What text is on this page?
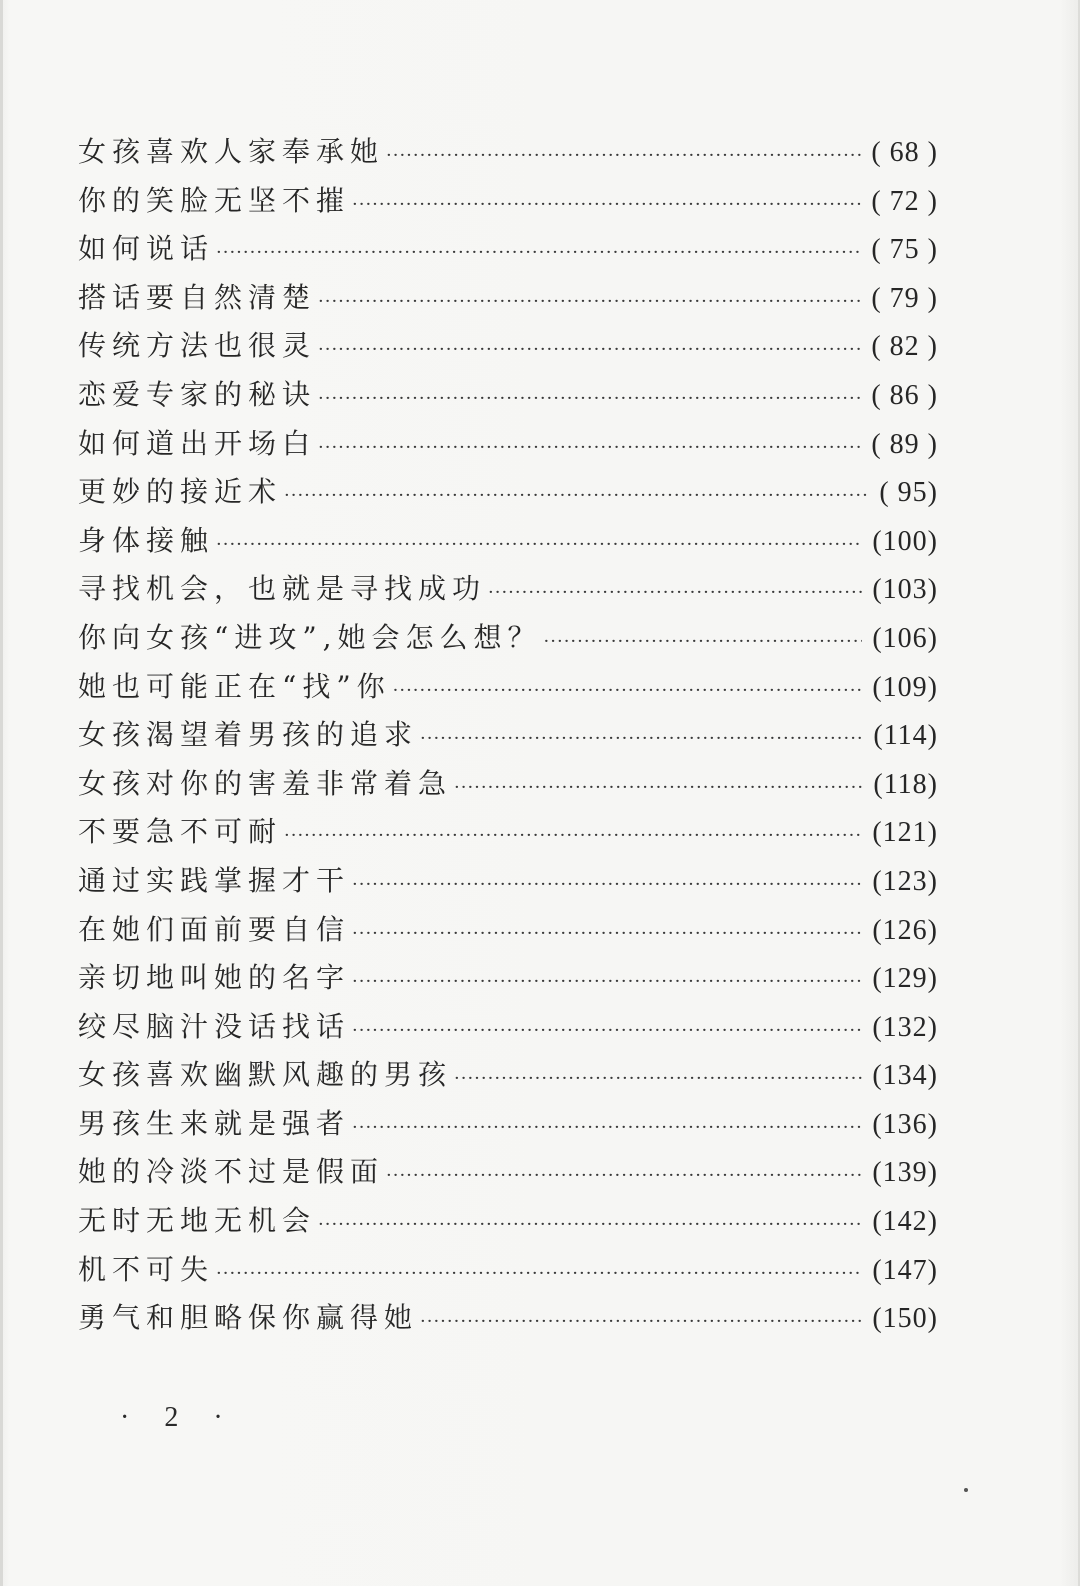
女孩喜欢人家奉承她 ·····	( 68 )
你的笑脸无坚不摧 ·····	( 72 )
如何说话 ·····	( 75 )
搭话要自然清楚 ·····	( 79 )
传统方法也很灵 ·····	( 82 )
恋爱专家的秘诀 ·····	( 86 )
如何道出开场白 ·····	( 89 )
更妙的接近术 ·····	( 95)
身体接触 ·····	(100)
寻找机会，也就是寻找成功 ·····	(103)
你向女孩“进攻”,她会怎么想？ ·····	(106)
她也可能正在“找”你 ·····	(109)
女孩渴望着男孩的追求 ·····	(114)
女孩对你的害羞非常着急 ·····	(118)
不要急不可耐 ·····	(121)
通过实践掌握才干 ·····	(123)
在她们面前要自信 ·····	(126)
亲切地叫她的名字 ·····	(129)
绞尽脑汁没话找话 ·····	(132)
女孩喜欢幽默风趣的男孩 ·····	(134)
男孩生来就是强者 ·····	(136)
她的冷淡不过是假面 ·····	(139)
无时无地无机会 ·····	(142)
机不可失 ·····	(147)
勇气和胆略保你赢得她 ·····	(150)
· 2 ·
